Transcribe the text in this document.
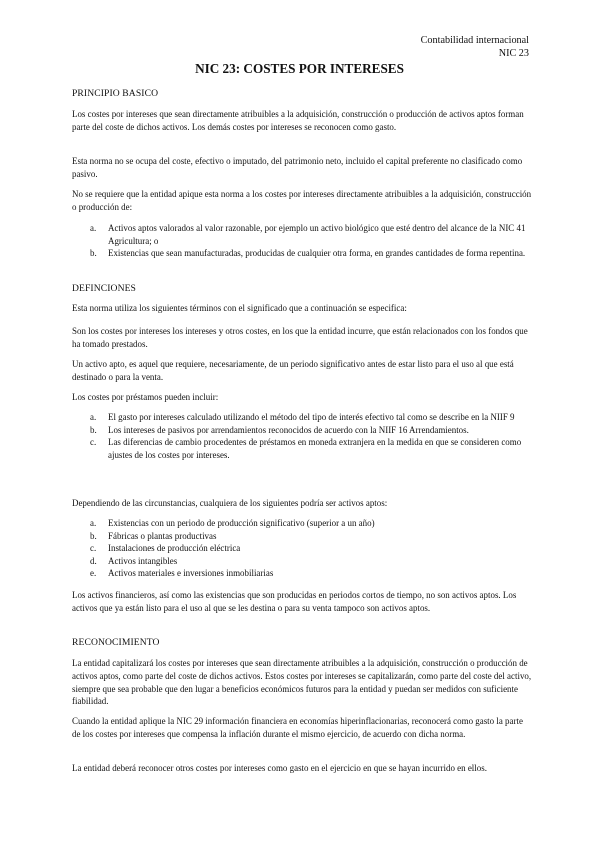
Contabilidad internacional
NIC 23
NIC 23: COSTES POR INTERESES
PRINCIPIO BASICO

Los costes por intereses que sean directamente atribuibles a la adquisición, construcción o producción de activos aptos forman parte del coste de dichos activos. Los demás costes por intereses se reconocen como gasto.

Esta norma no se ocupa del coste, efectivo o imputado, del patrimonio neto, incluido el capital preferente no clasificado como pasivo.

No se requiere que la entidad apique esta norma a los costes por intereses directamente atribuibles a la adquisición, construcción o producción de:

a. Activos aptos valorados al valor razonable, por ejemplo un activo biológico que esté dentro del alcance de la NIC 41 Agricultura; o
b. Existencias que sean manufacturadas, producidas de cualquier otra forma, en grandes cantidades de forma repentina.
DEFINCIONES

Esta norma utiliza los siguientes términos con el significado que a continuación se especifica:

Son los costes por intereses los intereses y otros costes, en los que la entidad incurre, que están relacionados con los fondos que ha tomado prestados.

Un activo apto, es aquel que requiere, necesariamente, de un periodo significativo antes de estar listo para el uso al que está destinado o para la venta.

Los costes por préstamos pueden incluir:

a. El gasto por intereses calculado utilizando el método del tipo de interés efectivo tal como se describe en la NIIF 9
b. Los intereses de pasivos por arrendamientos reconocidos de acuerdo con la NIIF 16 Arrendamientos.
c. Las diferencias de cambio procedentes de préstamos en moneda extranjera en la medida en que se consideren como ajustes de los costes por intereses.

Dependiendo de las circunstancias, cualquiera de los siguientes podría ser activos aptos:

a. Existencias con un periodo de producción significativo (superior a un año)
b. Fábricas o plantas productivas
c. Instalaciones de producción eléctrica
d. Activos intangibles
e. Activos materiales e inversiones inmobiliarias

Los activos financieros, así como las existencias que son producidas en periodos cortos de tiempo, no son activos aptos. Los activos que ya están listo para el uso al que se les destina o para su venta tampoco son activos aptos.

RECONOCIMIENTO

La entidad capitalizará los costes por intereses que sean directamente atribuibles a la adquisición, construcción o producción de activos aptos, como parte del coste de dichos activos. Estos costes por intereses se capitalizarán, como parte del coste del activo, siempre que sea probable que den lugar a beneficios económicos futuros para la entidad y puedan ser medidos con suficiente fiabilidad.

Cuando la entidad aplique la NIC 29 información financiera en economías hiperinflacionarias, reconocerá como gasto la parte de los costes por intereses que compensa la inflación durante el mismo ejercicio, de acuerdo con dicha norma.

La entidad deberá reconocer otros costes por intereses como gasto en el ejercicio en que se hayan incurrido en ellos.
